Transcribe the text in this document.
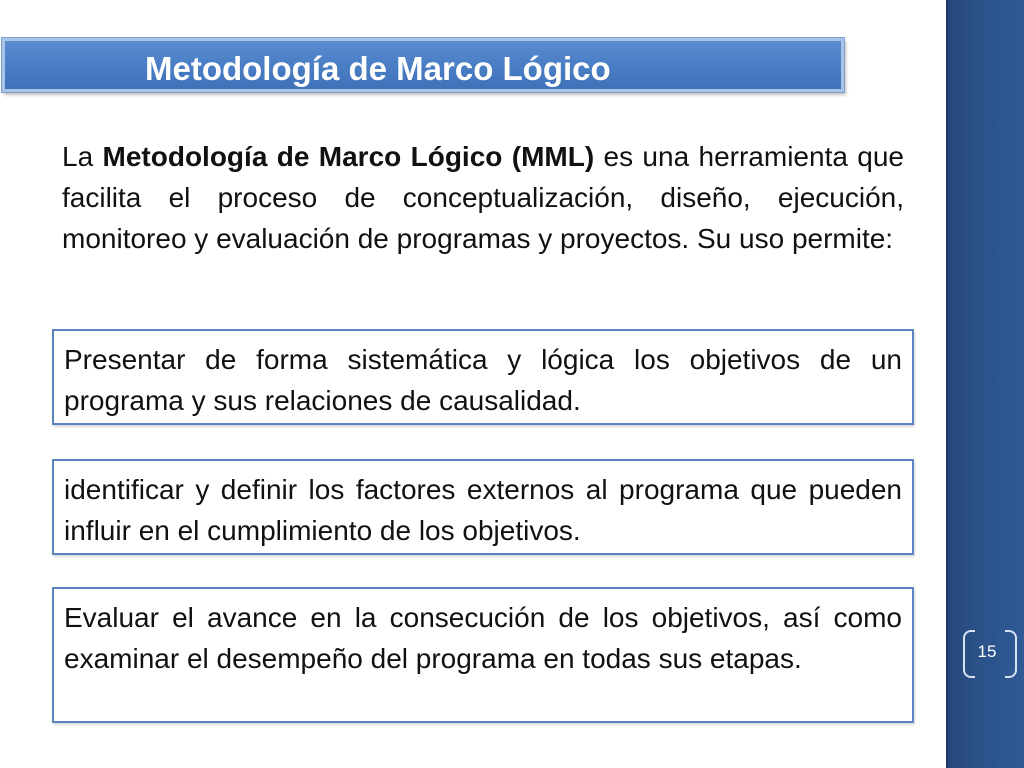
Metodología de Marco Lógico

La Metodología de Marco Lógico (MML) es una herramienta que facilita el proceso de conceptualización, diseño, ejecución, monitoreo y evaluación de programas y proyectos. Su uso permite:

Presentar de forma sistemática y lógica los objetivos de un programa y sus relaciones de causalidad.
identificar y definir los factores externos al programa que pueden influir en el cumplimiento de los objetivos.
Evaluar el avance en la consecución de los objetivos, así como examinar el desempeño del programa en todas sus etapas.	15
